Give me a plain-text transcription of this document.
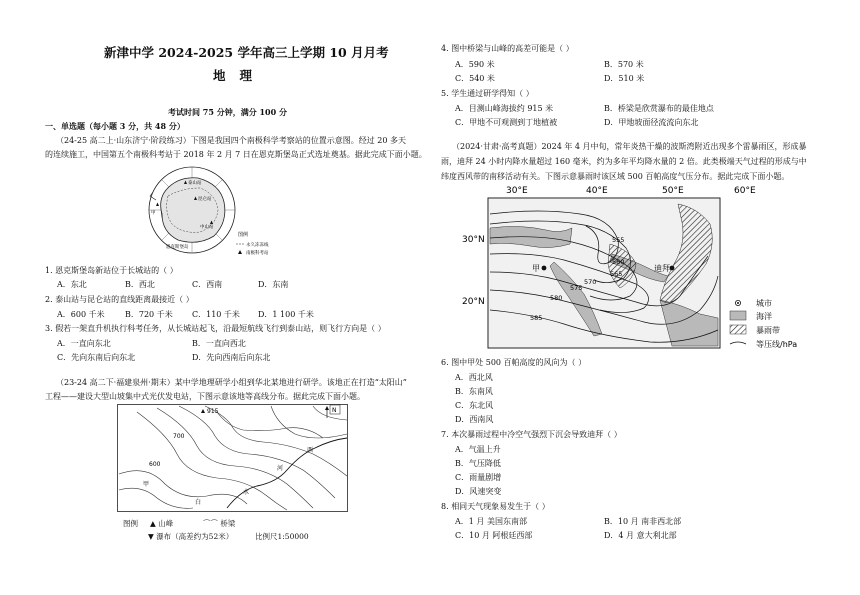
新津中学 2024-2025 学年高三上学期 10 月月考
地理
考试时间 75 分钟，满分 100 分
一、单选题（每小题 3 分，共 48 分）
（24-25 高二上·山东济宁·阶段练习）下图是我国四个南极科学考察站的位置示意图。经过 20 多天
的连续施工，中国第五个南极科考站于 2018 年 2 月 7 日在恩克斯堡岛正式选址奠基。据此完成下面小题。
泰山站
甲
昆仑站
中山站
恩克斯堡岛
图例
永久冻冻线
南极科考站
1. 恩克斯堡岛新站位于长城站的（ ）
A．东北	B．西北	C．西南	D．东南
2. 泰山站与昆仑站的直线距离最接近（ ）
A．600 千米	B．720 千米 C．110 千米 D．1 100 千米
3. 假若一架直升机执行科考任务，从长城站起飞，沿最短航线飞行到泰山站，则飞行方向是（ ）
A．一直向东北	B．一直向西北
C．先向东南后向东北	D．先向西南后向东北
（23-24 高二下·福建泉州·期末）某中学地理研学小组到华北某地进行研学。该地正在打造“太阳山”
工程——建设大型山坡集中式光伏发电站，下图示意该地等高线分布。据此完成下面小题。
915
700
600
河
西
白
甲
水
N
图例 ▲ 山峰	⌒⌒ 桥梁
▼ 瀑布（高差约为52米）	比例尺1:50000
4. 图中桥梁与山峰的高差可能是（ ）
A．590 米	B．570 米
C．540 米	D．510 米
5. 学生通过研学得知（ ）
A．目测山峰海拔约 915 米	B．桥梁是欣赏瀑布的最佳地点
C．甲地不可观测到丁地植被	D．甲地坡面径流流向东北
（2024·甘肃·高考真题）2024 年 4 月中旬，常年炎热干燥的波斯湾附近出现多个雷暴雨区，形成暴
雨，迪拜 24 小时内降水量超过 160 毫米，约为多年平均降水量的 2 倍。此类极端天气过程的形成与中
纬度西风带的南移活动有关。下图示意暴雨时该区域 500 百帕高度气压分布。据此完成下面小题。
30°E	40°E	50°E	60°E
30°N
20°N
555
560
565
570
575
580
585
甲	迪拜
城市
海洋
暴雨带
等压线/hPa
6. 图中甲处 500 百帕高度的风向为（ ）
A．西北风
B．东南风
C．东北风
D．西南风
7. 本次暴雨过程中冷空气强烈下沉会导致迪拜（ ）
A．气温上升
B．气压降低
C．雨量剧增
D．风速突变
8. 相同天气现象易发生于（ ）
A．1 月 美国东南部	B．10 月 南非西北部
C．10 月 阿根廷西部	D．4 月 意大利北部
